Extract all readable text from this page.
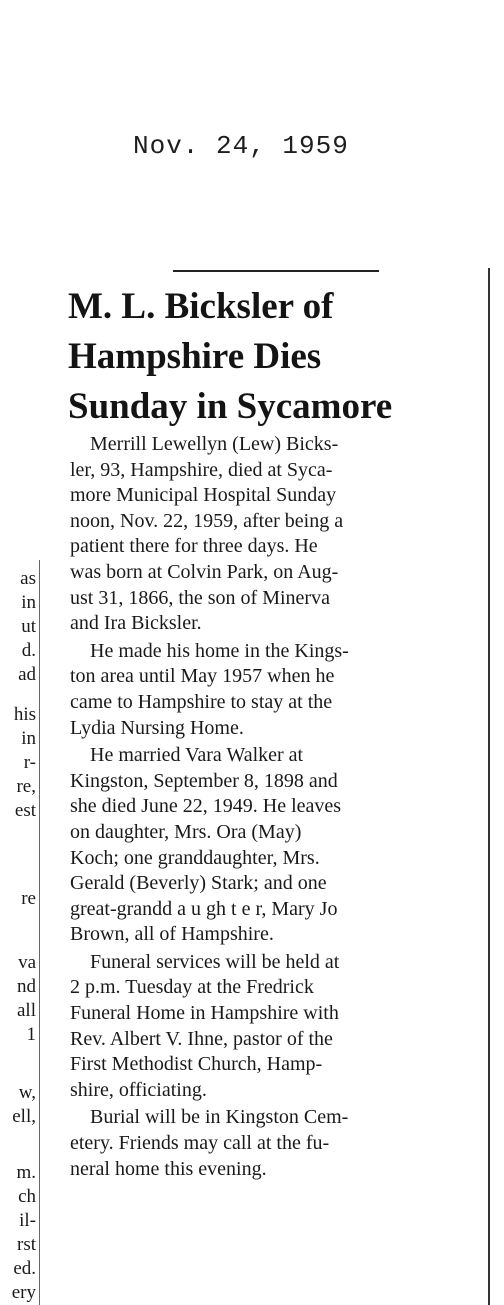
Nov. 24, 1959
M. L. Bicksler of
Hampshire Dies
Sunday in Sycamore
Merrill Lewellyn (Lew) Bicks-
ler, 93, Hampshire, died at Syca-
more Municipal Hospital Sunday
noon, Nov. 22, 1959, after being a
patient there for three days. He
was born at Colvin Park, on Aug-
ust 31, 1866, the son of Minerva
and Ira Bicksler.
He made his home in the Kings-
ton area until May 1957 when he
came to Hampshire to stay at the
Lydia Nursing Home.
He married Vara Walker at
Kingston, September 8, 1898 and
she died June 22, 1949. He leaves
on daughter, Mrs. Ora (May)
Koch; one granddaughter, Mrs.
Gerald (Beverly) Stark; and one
great-grandd a u gh t e r, Mary Jo
Brown, all of Hampshire.
Funeral services will be held at
2 p.m. Tuesday at the Fredrick
Funeral Home in Hampshire with
Rev. Albert V. Ihne, pastor of the
First Methodist Church, Hamp-
shire, officiating.
Burial will be in Kingston Cem-
etery. Friends may call at the fu-
neral home this evening.
as
in
ut
d.
ad
his
in
r-
re,
est
re
va
nd
all
1
w,
ell,
m.
ch
il-
rst
ed.
ery
